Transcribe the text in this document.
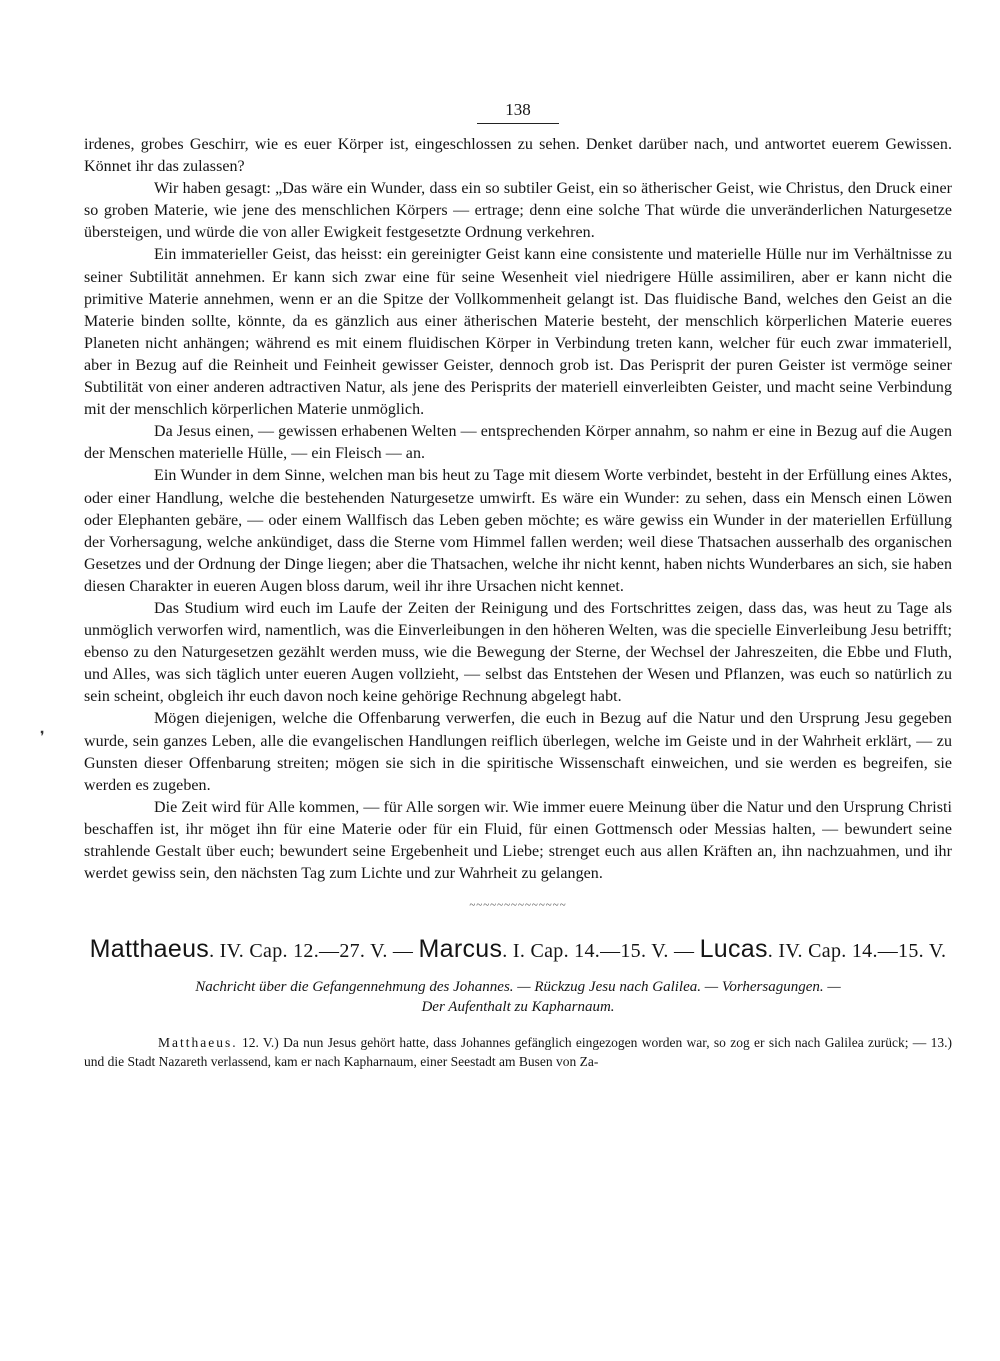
❜
138

irdenes, grobes Geschirr, wie es euer Körper ist, eingeschlossen zu sehen. Denket darüber nach, und antwortet euerem Gewissen. Könnet ihr das zulassen?

Wir haben gesagt: „Das wäre ein Wunder, dass ein so subtiler Geist, ein so ätherischer Geist, wie Christus, den Druck einer so groben Materie, wie jene des menschlichen Körpers — ertrage; denn eine solche That würde die unveränderlichen Naturgesetze übersteigen, und würde die von aller Ewigkeit festgesetzte Ordnung verkehren.

Ein immaterieller Geist, das heisst: ein gereinigter Geist kann eine consistente und materielle Hülle nur im Verhältnisse zu seiner Subtilität annehmen. Er kann sich zwar eine für seine Wesenheit viel niedrigere Hülle assimiliren, aber er kann nicht die primitive Materie annehmen, wenn er an die Spitze der Vollkommenheit gelangt ist. Das fluidische Band, welches den Geist an die Materie binden sollte, könnte, da es gänzlich aus einer ätherischen Materie besteht, der menschlich körperlichen Materie eueres Planeten nicht anhängen; während es mit einem fluidischen Körper in Verbindung treten kann, welcher für euch zwar immateriell, aber in Bezug auf die Reinheit und Feinheit gewisser Geister, dennoch grob ist. Das Perisprit der puren Geister ist vermöge seiner Subtilität von einer anderen adtractiven Natur, als jene des Perisprits der materiell einverleibten Geister, und macht seine Verbindung mit der menschlich körperlichen Materie unmöglich.

Da Jesus einen, — gewissen erhabenen Welten — entsprechenden Körper annahm, so nahm er eine in Bezug auf die Augen der Menschen materielle Hülle, — ein Fleisch — an.

Ein Wunder in dem Sinne, welchen man bis heut zu Tage mit diesem Worte verbindet, besteht in der Erfüllung eines Aktes, oder einer Handlung, welche die bestehenden Naturgesetze umwirft. Es wäre ein Wunder: zu sehen, dass ein Mensch einen Löwen oder Elephanten gebäre, — oder einem Wallfisch das Leben geben möchte; es wäre gewiss ein Wunder in der materiellen Erfüllung der Vorhersagung, welche ankündiget, dass die Sterne vom Himmel fallen werden; weil diese Thatsachen ausserhalb des organischen Gesetzes und der Ordnung der Dinge liegen; aber die Thatsachen, welche ihr nicht kennt, haben nichts Wunderbares an sich, sie haben diesen Charakter in eueren Augen bloss darum, weil ihr ihre Ursachen nicht kennet.

Das Studium wird euch im Laufe der Zeiten der Reinigung und des Fortschrittes zeigen, dass das, was heut zu Tage als unmöglich verworfen wird, namentlich, was die Einverleibungen in den höheren Welten, was die specielle Einverleibung Jesu betrifft; ebenso zu den Naturgesetzen gezählt werden muss, wie die Bewegung der Sterne, der Wechsel der Jahreszeiten, die Ebbe und Fluth, und Alles, was sich täglich unter eueren Augen vollzieht, — selbst das Entstehen der Wesen und Pflanzen, was euch so natürlich zu sein scheint, obgleich ihr euch davon noch keine gehörige Rechnung abgelegt habt.

Mögen diejenigen, welche die Offenbarung verwerfen, die euch in Bezug auf die Natur und den Ursprung Jesu gegeben wurde, sein ganzes Leben, alle die evangelischen Handlungen reiflich überlegen, welche im Geiste und in der Wahrheit erklärt, — zu Gunsten dieser Offenbarung streiten; mögen sie sich in die spiritische Wissenschaft einweichen, und sie werden es begreifen, sie werden es zugeben.

Die Zeit wird für Alle kommen, — für Alle sorgen wir. Wie immer euere Meinung über die Natur und den Ursprung Christi beschaffen ist, ihr möget ihn für eine Materie oder für ein Fluid, für einen Gottmensch oder Messias halten, — bewundert seine strahlende Gestalt über euch; bewundert seine Ergebenheit und Liebe; strenget euch aus allen Kräften an, ihn nachzuahmen, und ihr werdet gewiss sein, den nächsten Tag zum Lichte und zur Wahrheit zu gelangen.

~~~~~~~~~~~~~~
Matthaeus. IV. Cap. 12.—27. V. — Marcus. I. Cap. 14.—15. V. — Lucas. IV. Cap. 14.—15. V.
Nachricht über die Gefangennehmung des Johannes. — Rückzug Jesu nach Galilea. — Vorhersagungen. —
Der Aufenthalt zu Kapharnaum.

Matthaeus. 12. V.) Da nun Jesus gehört hatte, dass Johannes gefänglich eingezogen worden war, so zog er sich nach Galilea zurück; — 13.) und die Stadt Nazareth verlassend, kam er nach Kapharnaum, einer Seestadt am Busen von Za-
